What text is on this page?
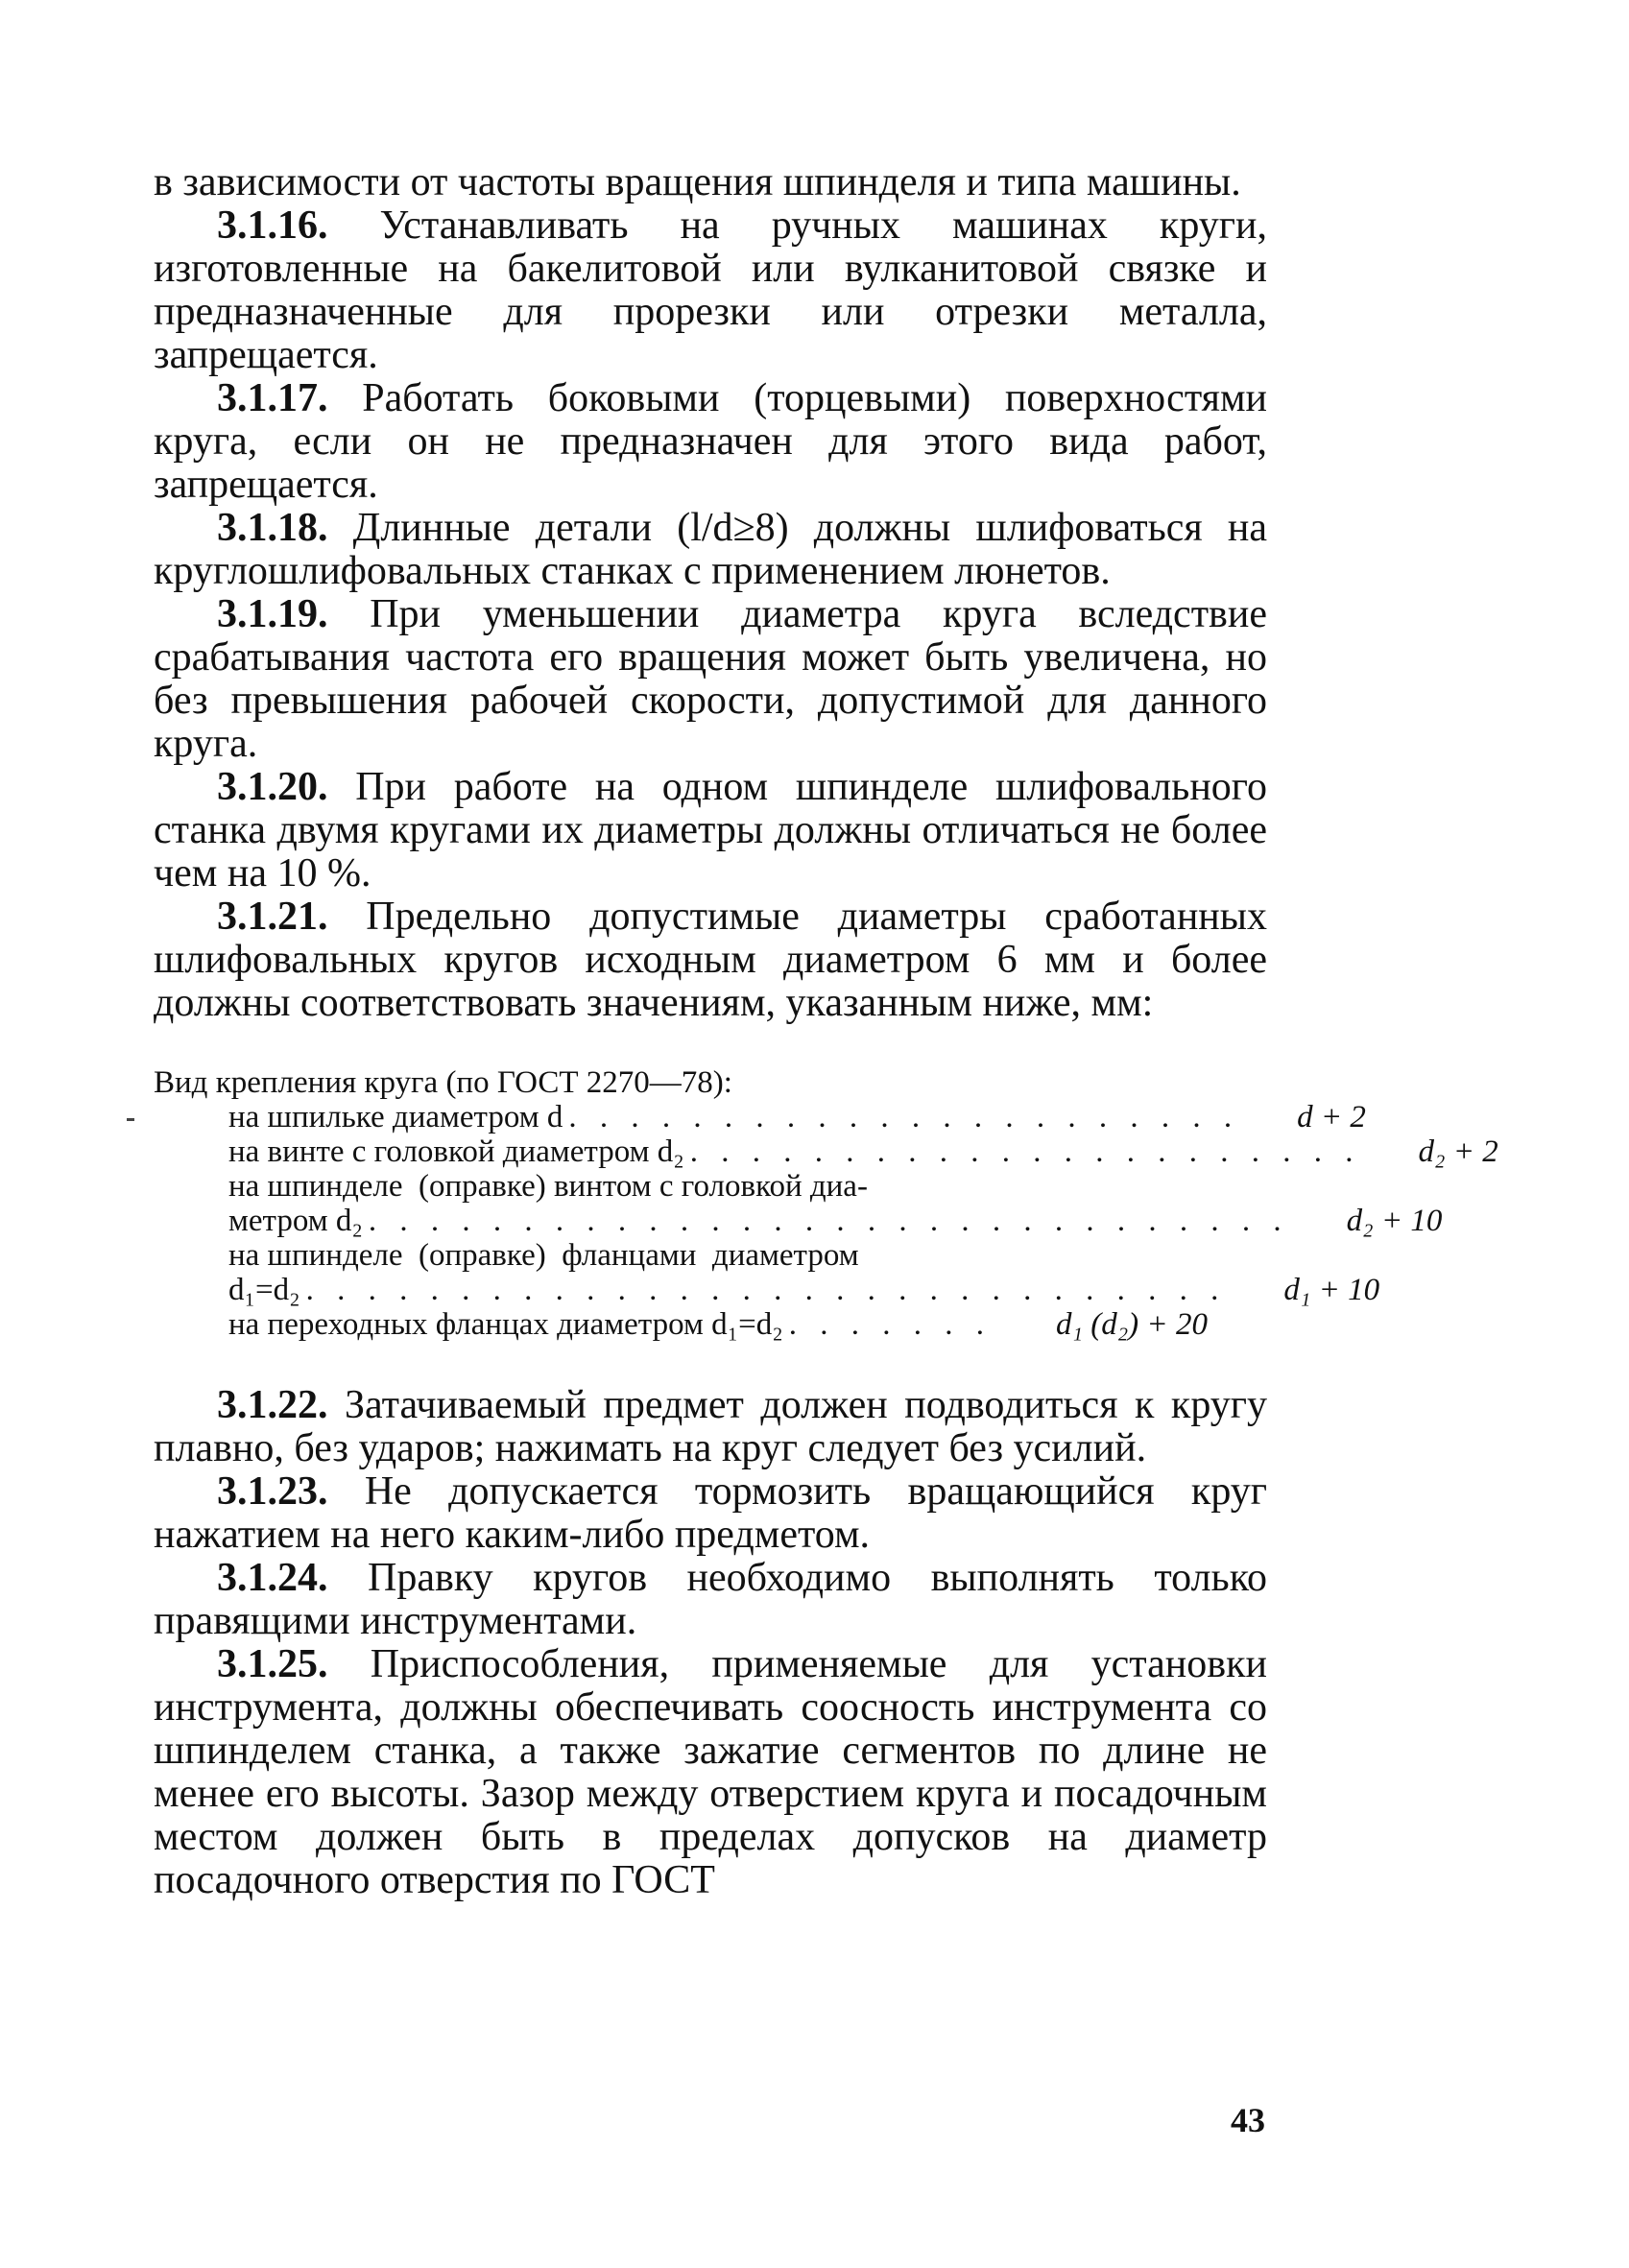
в зависимости от частоты вращения шпинделя и типа машины.

3.1.16. Устанавливать на ручных машинах круги, изготовленные на бакелитовой или вулканитовой связке и предназначенные для прорезки или отрезки металла, запрещается.

3.1.17. Работать боковыми (торцевыми) поверхностями круга, если он не предназначен для этого вида работ, запрещается.

3.1.18. Длинные детали (l/d≥8) должны шлифоваться на круглошлифовальных станках с применением люнетов.

3.1.19. При уменьшении диаметра круга вследствие срабатывания частота его вращения может быть увеличена, но без превышения рабочей скорости, допустимой для данного круга.

3.1.20. При работе на одном шпинделе шлифовального станка двумя кругами их диаметры должны отличаться не более чем на 10 %.

3.1.21. Предельно допустимые диаметры сработанных шлифовальных кругов исходным диаметром 6 мм и более должны соответствовать значениям, указанным ниже, мм:

Вид крепления круга (по ГОСТ 2270—78):
на шпильке диаметром d . . . . . . . . . . . . . . . . . . . . . .	d + 2
на винте с головкой диаметром d₂ . . . . . . . . . . . . . . . . . . . . . .	d₂ + 2
на шпинделе  (оправке) винтом с головкой диа-
метром d₂ . . . . . . . . . . . . . . . . . . . . . . . . . . . . . .	d₂ + 10
на шпинделе  (оправке)  фланцами  диаметром
d₁=d₂ . . . . . . . . . . . . . . . . . . . . . . . . . . . . . .	d₁ + 10
на переходных фланцах диаметром d₁=d₂ . . . . . . .	d₁ (d₂) + 20

3.1.22. Затачиваемый предмет должен подводиться к кругу плавно, без ударов; нажимать на круг следует без усилий.

3.1.23. Не допускается тормозить вращающийся круг нажатием на него каким-либо предметом.

3.1.24. Правку кругов необходимо выполнять только правящими инструментами.

3.1.25. Приспособления, применяемые для установки инструмента, должны обеспечивать соосность инструмента со шпинделем станка, а также зажатие сегментов по длине не менее его высоты. Зазор между отверстием круга и посадочным местом должен быть в пределах допусков на диаметр посадочного отверстия по ГОСТ

43
